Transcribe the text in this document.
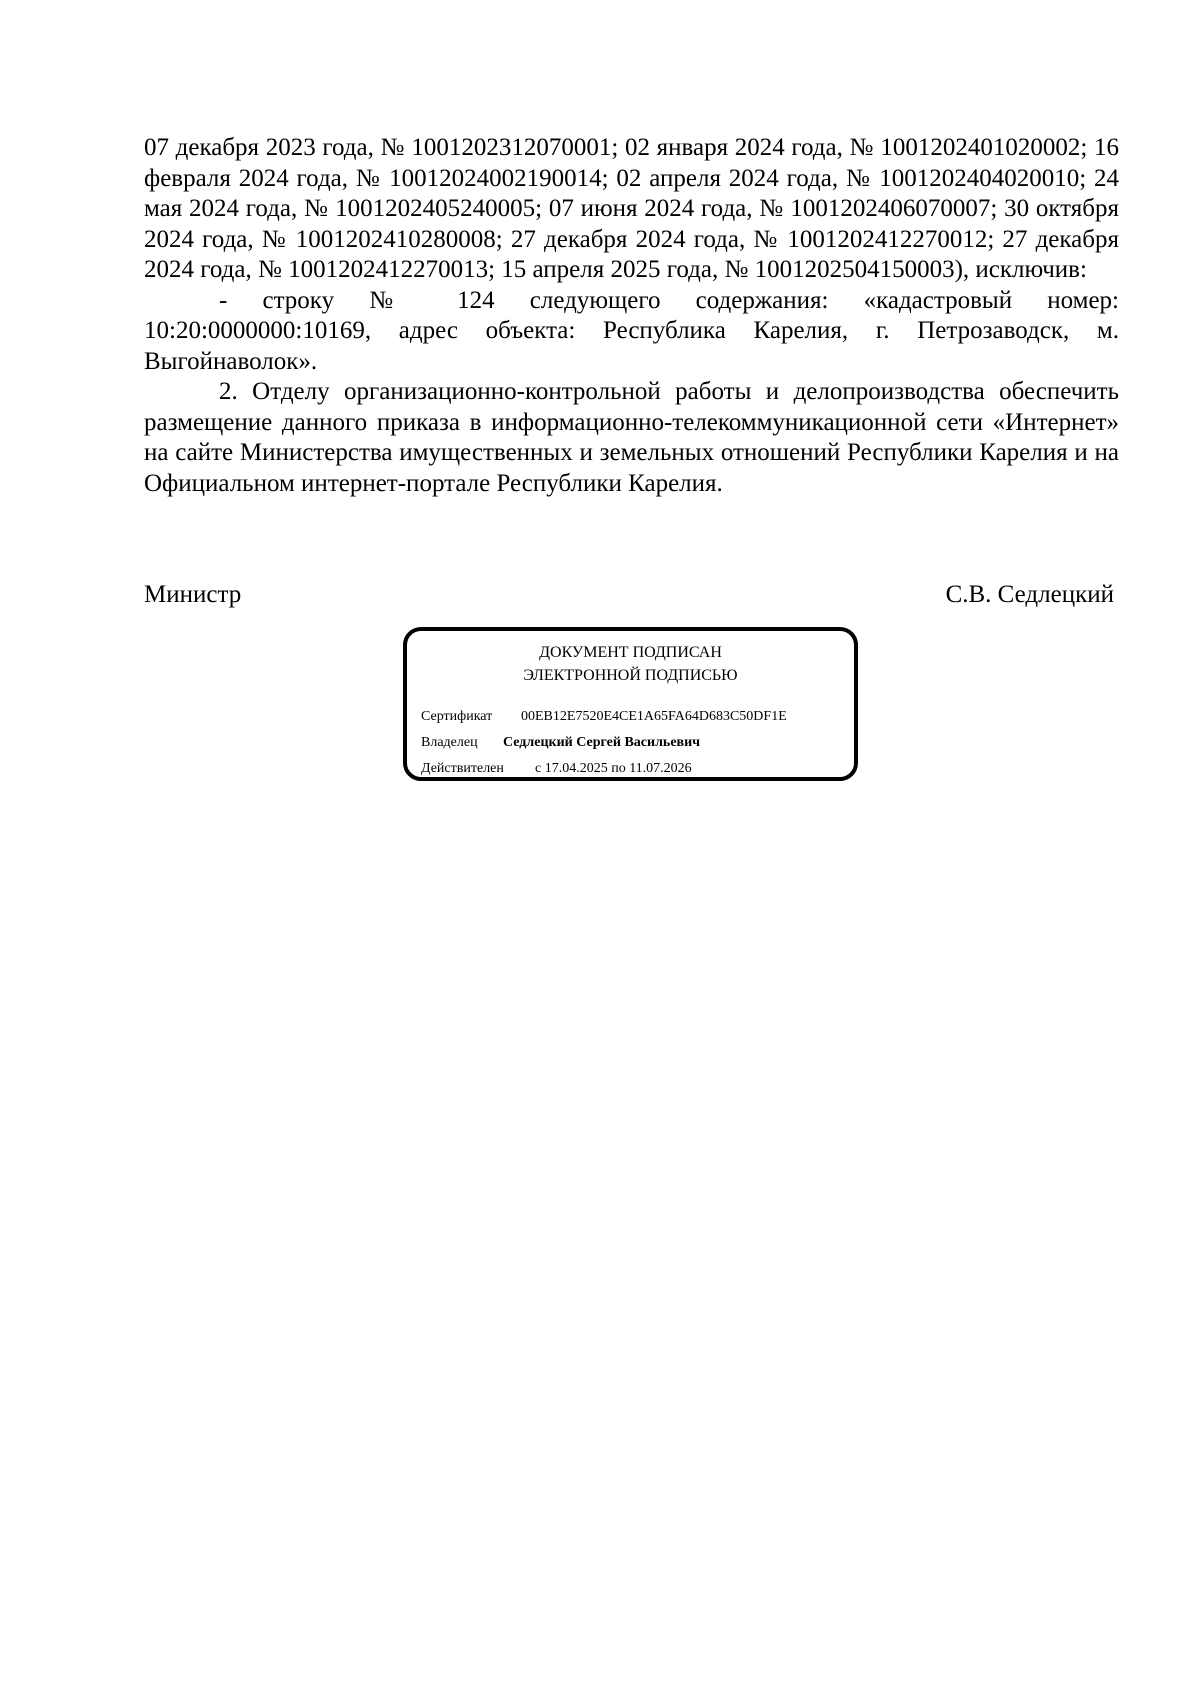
07 декабря 2023 года, № 1001202312070001; 02 января 2024 года, № 1001202401020002; 16 февраля 2024 года, № 10012024002190014; 02 апреля 2024 года, № 1001202404020010; 24 мая 2024 года, № 1001202405240005; 07 июня 2024 года, № 1001202406070007; 30 октября 2024 года, № 1001202410280008; 27 декабря 2024 года, № 1001202412270012; 27 декабря 2024 года, № 1001202412270013; 15 апреля 2025 года, № 1001202504150003), исключив:

- строку № 124 следующего содержания: «кадастровый номер: 10:20:0000000:10169, адрес объекта: Республика Карелия, г. Петрозаводск, м. Выгойнаволок».

2. Отделу организационно-контрольной работы и делопроизводства обеспечить размещение данного приказа в информационно-телекоммуникационной сети «Интернет» на сайте Министерства имущественных и земельных отношений Республики Карелия и на Официальном интернет-портале Республики Карелия.

Министр	С.В. Седлецкий
ДОКУМЕНТ ПОДПИСАН
ЭЛЕКТРОННОЙ ПОДПИСЬЮ
Сертификат 00EB12E7520E4CE1A65FA64D683C50DF1E
Владелец Седлецкий Сергей Васильевич
Действителен с 17.04.2025 по 11.07.2026
